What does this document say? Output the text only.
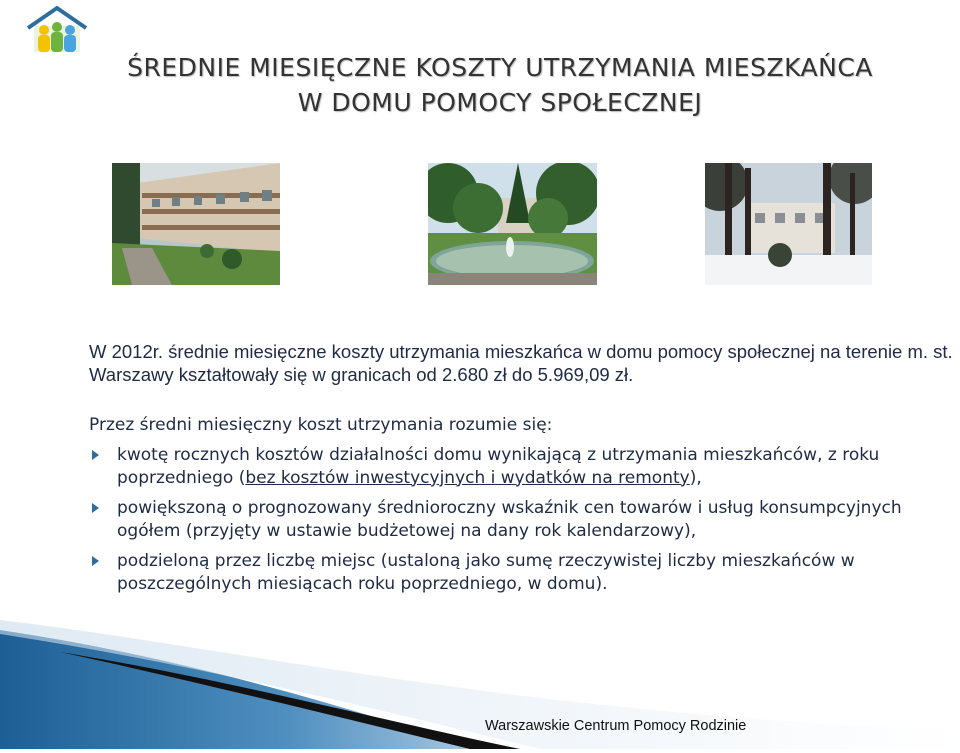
ŚREDNIE MIESIĘCZNE KOSZTY UTRZYMANIA MIESZKAŃCA
W DOMU POMOCY SPOŁECZNEJ
W 2012r. średnie miesięczne koszty utrzymania mieszkańca w domu pomocy społecznej na terenie m. st. Warszawy kształtowały się w granicach od 2.680 zł do 5.969,09 zł.
Przez średni miesięczny koszt utrzymania rozumie się:
kwotę rocznych kosztów działalności domu wynikającą z utrzymania mieszkańców, z roku poprzedniego (bez kosztów inwestycyjnych i wydatków na remonty),
powiększoną o prognozowany średnioroczny wskaźnik cen towarów i usług konsumpcyjnych ogółem (przyjęty w ustawie budżetowej na dany rok kalendarzowy),
podzieloną przez liczbę miejsc (ustaloną jako sumę rzeczywistej liczby mieszkańców w poszczególnych miesiącach roku poprzedniego, w domu).
Warszawskie Centrum Pomocy Rodzinie
